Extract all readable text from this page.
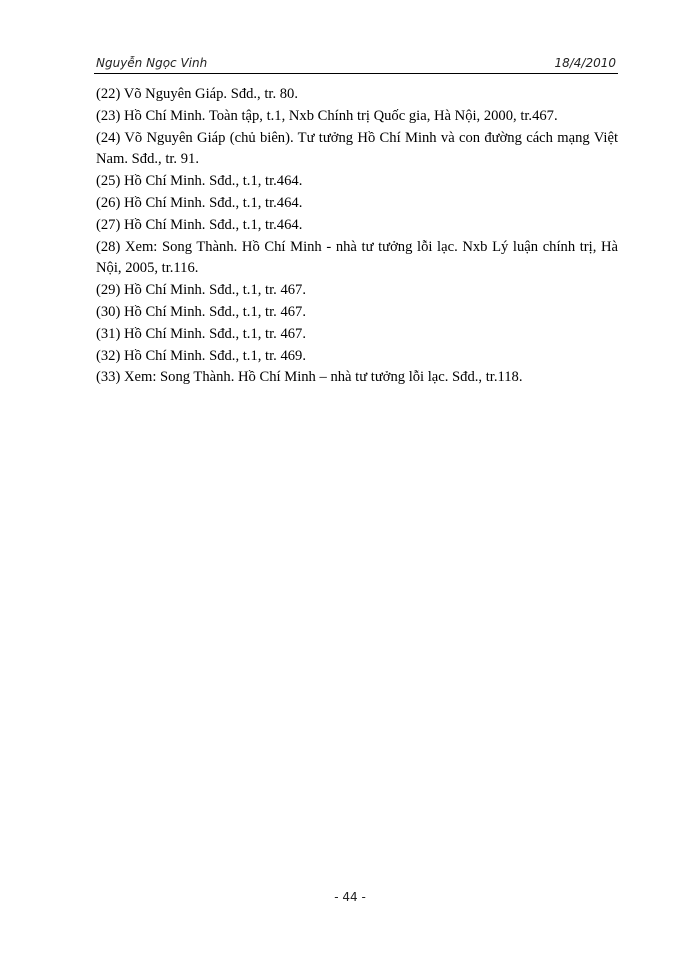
Nguyễn Ngọc Vinh	18/4/2010
(22) Võ Nguyên Giáp. Sđd., tr. 80.
(23) Hồ Chí Minh. Toàn tập, t.1, Nxb Chính trị Quốc gia, Hà Nội, 2000, tr.467.
(24) Võ Nguyên Giáp (chủ biên). Tư tưởng Hồ Chí Minh và con đường cách mạng Việt Nam. Sđd., tr. 91.
(25) Hồ Chí Minh. Sđd., t.1, tr.464.
(26) Hồ Chí Minh. Sđd., t.1, tr.464.
(27) Hồ Chí Minh. Sđd., t.1, tr.464.
(28) Xem: Song Thành. Hồ Chí Minh - nhà tư tưởng lỗi lạc. Nxb Lý luận chính trị, Hà Nội, 2005, tr.116.
(29) Hồ Chí Minh. Sđd., t.1, tr. 467.
(30) Hồ Chí Minh. Sđd., t.1, tr. 467.
(31) Hồ Chí Minh. Sđd., t.1, tr. 467.
(32) Hồ Chí Minh. Sđd., t.1, tr. 469.
(33) Xem: Song Thành. Hồ Chí Minh – nhà tư tưởng lỗi lạc. Sđd., tr.118.
- 44 -
